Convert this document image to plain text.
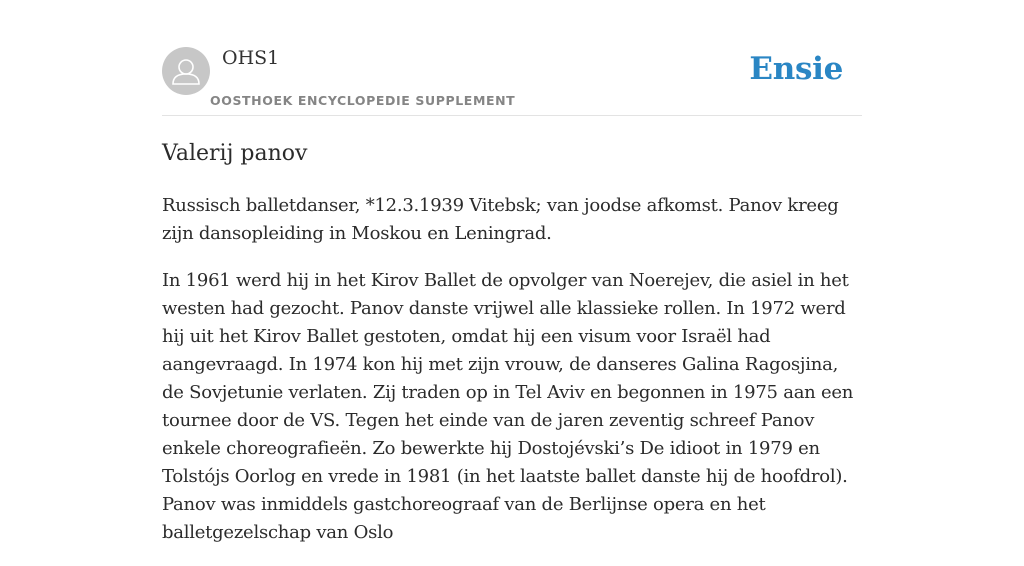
OHS1
OOSTHOEK ENCYCLOPEDIE SUPPLEMENT
Ensie
Valerij panov

Russisch balletdanser, *12.3.1939 Vitebsk; van joodse afkomst. Panov kreeg zijn dansopleiding in Moskou en Leningrad.

In 1961 werd hij in het Kirov Ballet de opvolger van Noerejev, die asiel in het westen had gezocht. Panov danste vrijwel alle klassieke rollen. In 1972 werd hij uit het Kirov Ballet gestoten, omdat hij een visum voor Israël had aangevraagd. In 1974 kon hij met zijn vrouw, de danseres Galina Ragosjina, de Sovjetunie verlaten. Zij traden op in Tel Aviv en begonnen in 1975 aan een tournee door de VS. Tegen het einde van de jaren zeventig schreef Panov enkele choreografieën. Zo bewerkte hij Dostojévski’s De idioot in 1979 en Tolstójs Oorlog en vrede in 1981 (in het laatste ballet danste hij de hoofdrol). Panov was inmiddels gastchoreograaf van de Berlijnse opera en het balletgezelschap van Oslo
